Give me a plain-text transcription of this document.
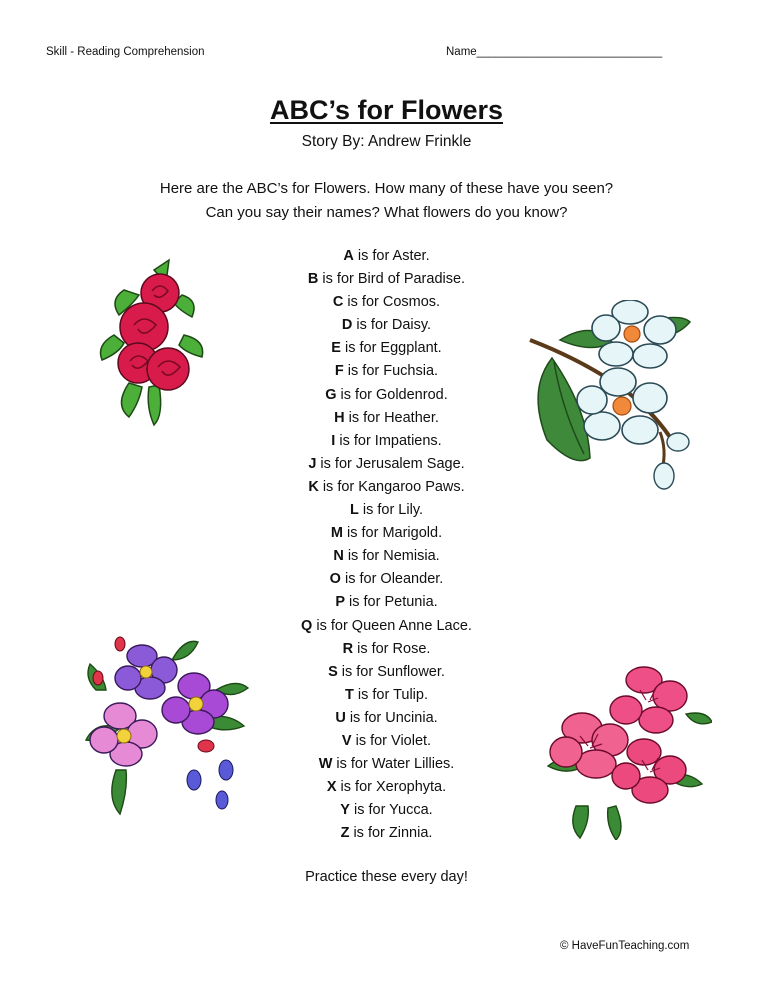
Skill - Reading Comprehension	Name_____________________________
ABC’s for Flowers
Story By: Andrew Frinkle
Here are the ABC’s for Flowers. How many of these have you seen?
Can you say their names? What flowers do you know?
A is for Aster.
B is for Bird of Paradise.
C is for Cosmos.
D is for Daisy.
E is for Eggplant.
F is for Fuchsia.
G is for Goldenrod.
H is for Heather.
I is for Impatiens.
J is for Jerusalem Sage.
K is for Kangaroo Paws.
L is for Lily.
M is for Marigold.
N is for Nemisia.
O is for Oleander.
P is for Petunia.
Q is for Queen Anne Lace.
R is for Rose.
S is for Sunflower.
T is for Tulip.
U is for Uncinia.
V is for Violet.
W is for Water Lillies.
X is for Xerophyta.
Y is for Yucca.
Z is for Zinnia.
Practice these every day!
© HaveFunTeaching.com
